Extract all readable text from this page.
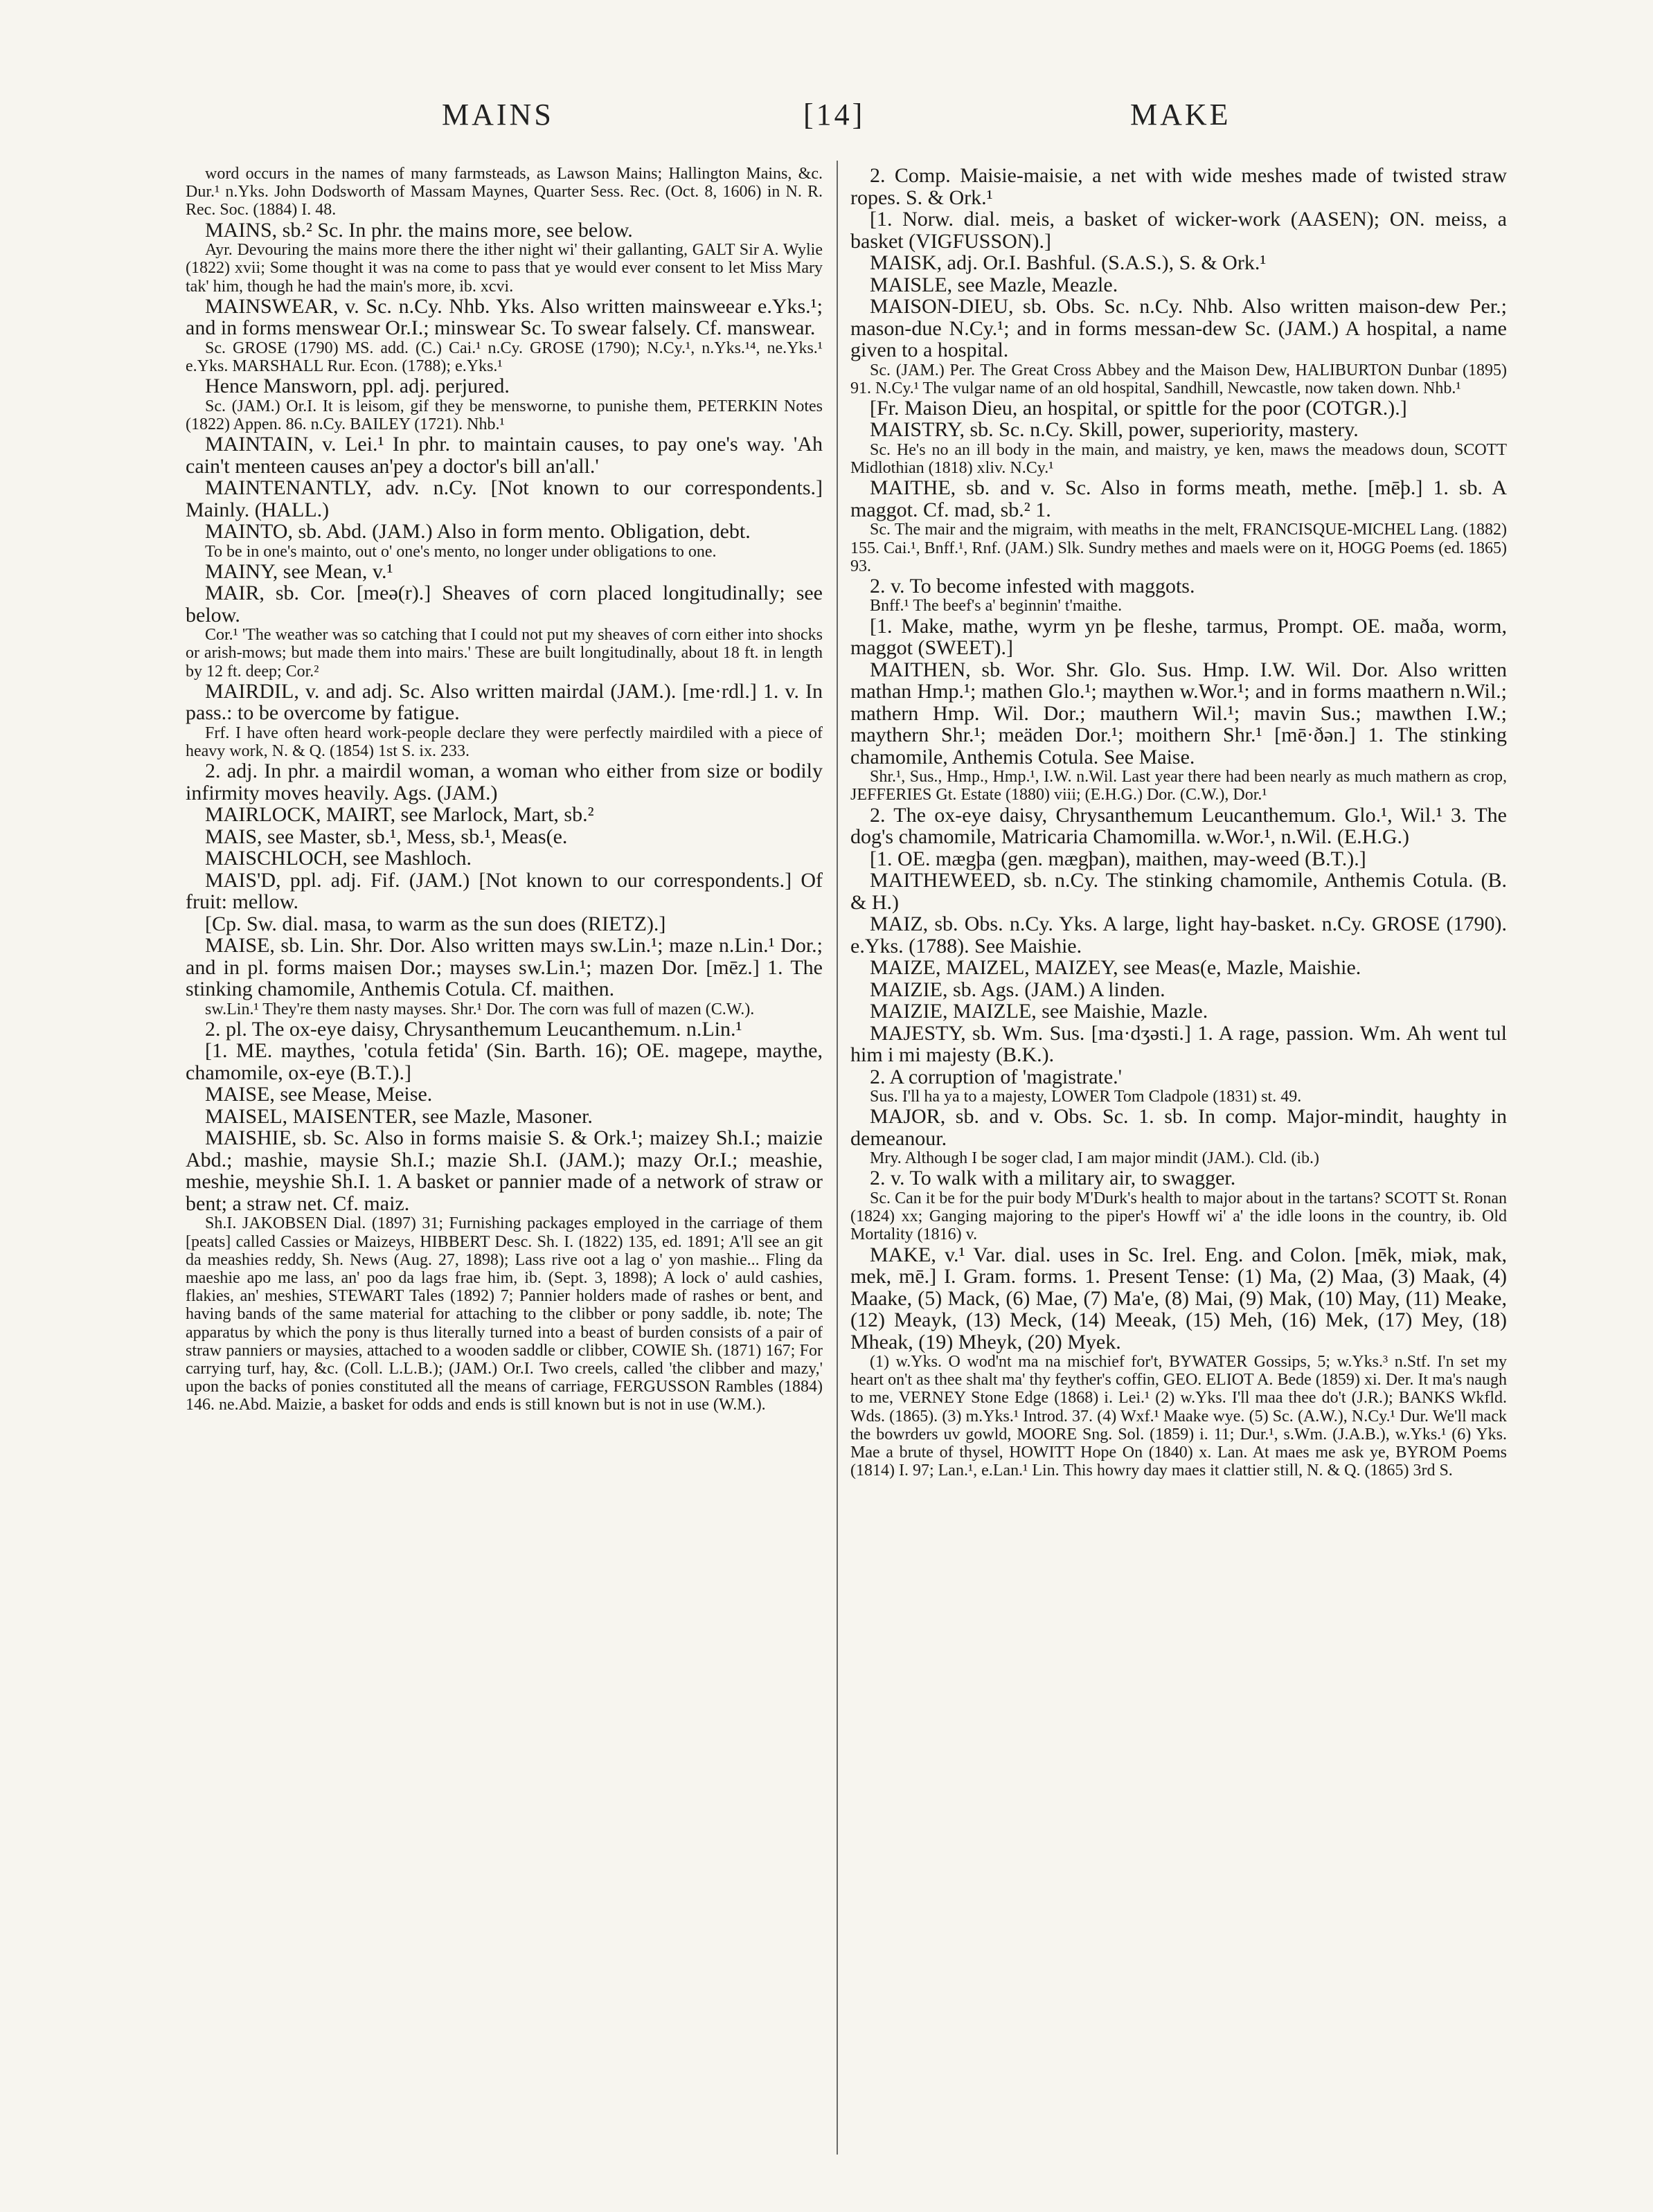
MAINS	[14]	MAKE

word occurs in the names of many farmsteads, as Lawson Mains; Hallington Mains, &c. Dur.¹ n.Yks. John Dodsworth of Massam Maynes, Quarter Sess. Rec. (Oct. 8, 1606) in N. R. Rec. Soc. (1884) I. 48.

MAINS, sb.² Sc. In phr. the mains more, see below.

Ayr. Devouring the mains more there the ither night wi' their gallanting, GALT Sir A. Wylie (1822) xvii; Some thought it was na come to pass that ye would ever consent to let Miss Mary tak' him, though he had the main's more, ib. xcvi.

MAINSWEAR, v. Sc. n.Cy. Nhb. Yks. Also written mainsweear e.Yks.¹; and in forms menswear Or.I.; minswear Sc. To swear falsely. Cf. manswear.

Sc. GROSE (1790) MS. add. (C.) Cai.¹ n.Cy. GROSE (1790); N.Cy.¹, n.Yks.¹⁴, ne.Yks.¹ e.Yks. MARSHALL Rur. Econ. (1788); e.Yks.¹

Hence Mansworn, ppl. adj. perjured.

Sc. (JAM.) Or.I. It is leisom, gif they be mensworne, to punishe them, PETERKIN Notes (1822) Appen. 86. n.Cy. BAILEY (1721). Nhb.¹

MAINTAIN, v. Lei.¹ In phr. to maintain causes, to pay one's way. 'Ah cain't menteen causes an'pey a doctor's bill an'all.'

MAINTENANTLY, adv. n.Cy. [Not known to our correspondents.] Mainly. (HALL.)

MAINTO, sb. Abd. (JAM.) Also in form mento. Obligation, debt.

To be in one's mainto, out o' one's mento, no longer under obligations to one.

MAINY, see Mean, v.¹

MAIR, sb. Cor. [meə(r).] Sheaves of corn placed longitudinally; see below.

Cor.¹ 'The weather was so catching that I could not put my sheaves of corn either into shocks or arish-mows; but made them into mairs.' These are built longitudinally, about 18 ft. in length by 12 ft. deep; Cor.²

MAIRDIL, v. and adj. Sc. Also written mairdal (JAM.). [me·rdl.] 1. v. In pass.: to be overcome by fatigue.

Frf. I have often heard work-people declare they were perfectly mairdiled with a piece of heavy work, N. & Q. (1854) 1st S. ix. 233.

2. adj. In phr. a mairdil woman, a woman who either from size or bodily infirmity moves heavily. Ags. (JAM.)

MAIRLOCK, MAIRT, see Marlock, Mart, sb.²

MAIS, see Master, sb.¹, Mess, sb.¹, Meas(e.

MAISCHLOCH, see Mashloch.

MAIS'D, ppl. adj. Fif. (JAM.) [Not known to our correspondents.] Of fruit: mellow.

[Cp. Sw. dial. masa, to warm as the sun does (RIETZ).]

MAISE, sb. Lin. Shr. Dor. Also written mays sw.Lin.¹; maze n.Lin.¹ Dor.; and in pl. forms maisen Dor.; mayses sw.Lin.¹; mazen Dor. [mēz.] 1. The stinking chamomile, Anthemis Cotula. Cf. maithen.

sw.Lin.¹ They're them nasty mayses. Shr.¹ Dor. The corn was full of mazen (C.W.).

2. pl. The ox-eye daisy, Chrysanthemum Leucanthemum. n.Lin.¹

[1. ME. maythes, 'cotula fetida' (Sin. Barth. 16); OE. magepe, maythe, chamomile, ox-eye (B.T.).]

MAISE, see Mease, Meise.

MAISEL, MAISENTER, see Mazle, Masoner.

MAISHIE, sb. Sc. Also in forms maisie S. & Ork.¹; maizey Sh.I.; maizie Abd.; mashie, maysie Sh.I.; mazie Sh.I. (JAM.); mazy Or.I.; meashie, meshie, meyshie Sh.I. 1. A basket or pannier made of a network of straw or bent; a straw net. Cf. maiz.

Sh.I. JAKOBSEN Dial. (1897) 31; Furnishing packages employed in the carriage of them [peats] called Cassies or Maizeys, HIBBERT Desc. Sh. I. (1822) 135, ed. 1891; A'll see an git da meashies reddy, Sh. News (Aug. 27, 1898); Lass rive oot a lag o' yon mashie... Fling da maeshie apo me lass, an' poo da lags frae him, ib. (Sept. 3, 1898); A lock o' auld cashies, flakies, an' meshies, STEWART Tales (1892) 7; Pannier holders made of rashes or bent, and having bands of the same material for attaching to the clibber or pony saddle, ib. note; The apparatus by which the pony is thus literally turned into a beast of burden consists of a pair of straw panniers or maysies, attached to a wooden saddle or clibber, COWIE Sh. (1871) 167; For carrying turf, hay, &c. (Coll. L.L.B.); (JAM.) Or.I. Two creels, called 'the clibber and mazy,' upon the backs of ponies constituted all the means of carriage, FERGUSSON Rambles (1884) 146. ne.Abd. Maizie, a basket for odds and ends is still known but is not in use (W.M.).

2. Comp. Maisie-maisie, a net with wide meshes made of twisted straw ropes. S. & Ork.¹

[1. Norw. dial. meis, a basket of wicker-work (AASEN); ON. meiss, a basket (VIGFUSSON).]

MAISK, adj. Or.I. Bashful. (S.A.S.), S. & Ork.¹

MAISLE, see Mazle, Meazle.

MAISON-DIEU, sb. Obs. Sc. n.Cy. Nhb. Also written maison-dew Per.; mason-due N.Cy.¹; and in forms messan-dew Sc. (JAM.) A hospital, a name given to a hospital.

Sc. (JAM.) Per. The Great Cross Abbey and the Maison Dew, HALIBURTON Dunbar (1895) 91. N.Cy.¹ The vulgar name of an old hospital, Sandhill, Newcastle, now taken down. Nhb.¹

[Fr. Maison Dieu, an hospital, or spittle for the poor (COTGR.).]

MAISTRY, sb. Sc. n.Cy. Skill, power, superiority, mastery.

Sc. He's no an ill body in the main, and maistry, ye ken, maws the meadows doun, SCOTT Midlothian (1818) xliv. N.Cy.¹

MAITHE, sb. and v. Sc. Also in forms meath, methe. [mēþ.] 1. sb. A maggot. Cf. mad, sb.² 1.

Sc. The mair and the migraim, with meaths in the melt, FRANCISQUE-MICHEL Lang. (1882) 155. Cai.¹, Bnff.¹, Rnf. (JAM.) Slk. Sundry methes and maels were on it, HOGG Poems (ed. 1865) 93.

2. v. To become infested with maggots.

Bnff.¹ The beef's a' beginnin' t'maithe.

[1. Make, mathe, wyrm yn þe fleshe, tarmus, Prompt. OE. maða, worm, maggot (SWEET).]

MAITHEN, sb. Wor. Shr. Glo. Sus. Hmp. I.W. Wil. Dor. Also written mathan Hmp.¹; mathen Glo.¹; maythen w.Wor.¹; and in forms maathern n.Wil.; mathern Hmp. Wil. Dor.; mauthern Wil.¹; mavin Sus.; mawthen I.W.; maythern Shr.¹; meäden Dor.¹; moithern Shr.¹ [mē·ðən.] 1. The stinking chamomile, Anthemis Cotula. See Maise.

Shr.¹, Sus., Hmp., Hmp.¹, I.W. n.Wil. Last year there had been nearly as much mathern as crop, JEFFERIES Gt. Estate (1880) viii; (E.H.G.) Dor. (C.W.), Dor.¹

2. The ox-eye daisy, Chrysanthemum Leucanthemum. Glo.¹, Wil.¹ 3. The dog's chamomile, Matricaria Chamomilla. w.Wor.¹, n.Wil. (E.H.G.)

[1. OE. mægþa (gen. mægþan), maithen, may-weed (B.T.).]

MAITHEWEED, sb. n.Cy. The stinking chamomile, Anthemis Cotula. (B. & H.)

MAIZ, sb. Obs. n.Cy. Yks. A large, light hay-basket. n.Cy. GROSE (1790). e.Yks. (1788). See Maishie.

MAIZE, MAIZEL, MAIZEY, see Meas(e, Mazle, Maishie.

MAIZIE, sb. Ags. (JAM.) A linden.

MAIZIE, MAIZLE, see Maishie, Mazle.

MAJESTY, sb. Wm. Sus. [ma·dʒəsti.] 1. A rage, passion. Wm. Ah went tul him i mi majesty (B.K.).

2. A corruption of 'magistrate.'

Sus. I'll ha ya to a majesty, LOWER Tom Cladpole (1831) st. 49.

MAJOR, sb. and v. Obs. Sc. 1. sb. In comp. Major-mindit, haughty in demeanour.

Mry. Although I be soger clad, I am major mindit (JAM.). Cld. (ib.)

2. v. To walk with a military air, to swagger.

Sc. Can it be for the puir body M'Durk's health to major about in the tartans? SCOTT St. Ronan (1824) xx; Ganging majoring to the piper's Howff wi' a' the idle loons in the country, ib. Old Mortality (1816) v.

MAKE, v.¹ Var. dial. uses in Sc. Irel. Eng. and Colon. [mēk, miək, mak, mek, mē.] I. Gram. forms. 1. Present Tense: (1) Ma, (2) Maa, (3) Maak, (4) Maake, (5) Mack, (6) Mae, (7) Ma'e, (8) Mai, (9) Mak, (10) May, (11) Meake, (12) Meayk, (13) Meck, (14) Meeak, (15) Meh, (16) Mek, (17) Mey, (18) Mheak, (19) Mheyk, (20) Myek.

(1) w.Yks. O wod'nt ma na mischief for't, BYWATER Gossips, 5; w.Yks.³ n.Stf. I'n set my heart on't as thee shalt ma' thy feyther's coffin, GEO. ELIOT A. Bede (1859) xi. Der. It ma's naugh to me, VERNEY Stone Edge (1868) i. Lei.¹ (2) w.Yks. I'll maa thee do't (J.R.); BANKS Wkfld. Wds. (1865). (3) m.Yks.¹ Introd. 37. (4) Wxf.¹ Maake wye. (5) Sc. (A.W.), N.Cy.¹ Dur. We'll mack the bowrders uv gowld, MOORE Sng. Sol. (1859) i. 11; Dur.¹, s.Wm. (J.A.B.), w.Yks.¹ (6) Yks. Mae a brute of thysel, HOWITT Hope On (1840) x. Lan. At maes me ask ye, BYROM Poems (1814) I. 97; Lan.¹, e.Lan.¹ Lin. This howry day maes it clattier still, N. & Q. (1865) 3rd S.
